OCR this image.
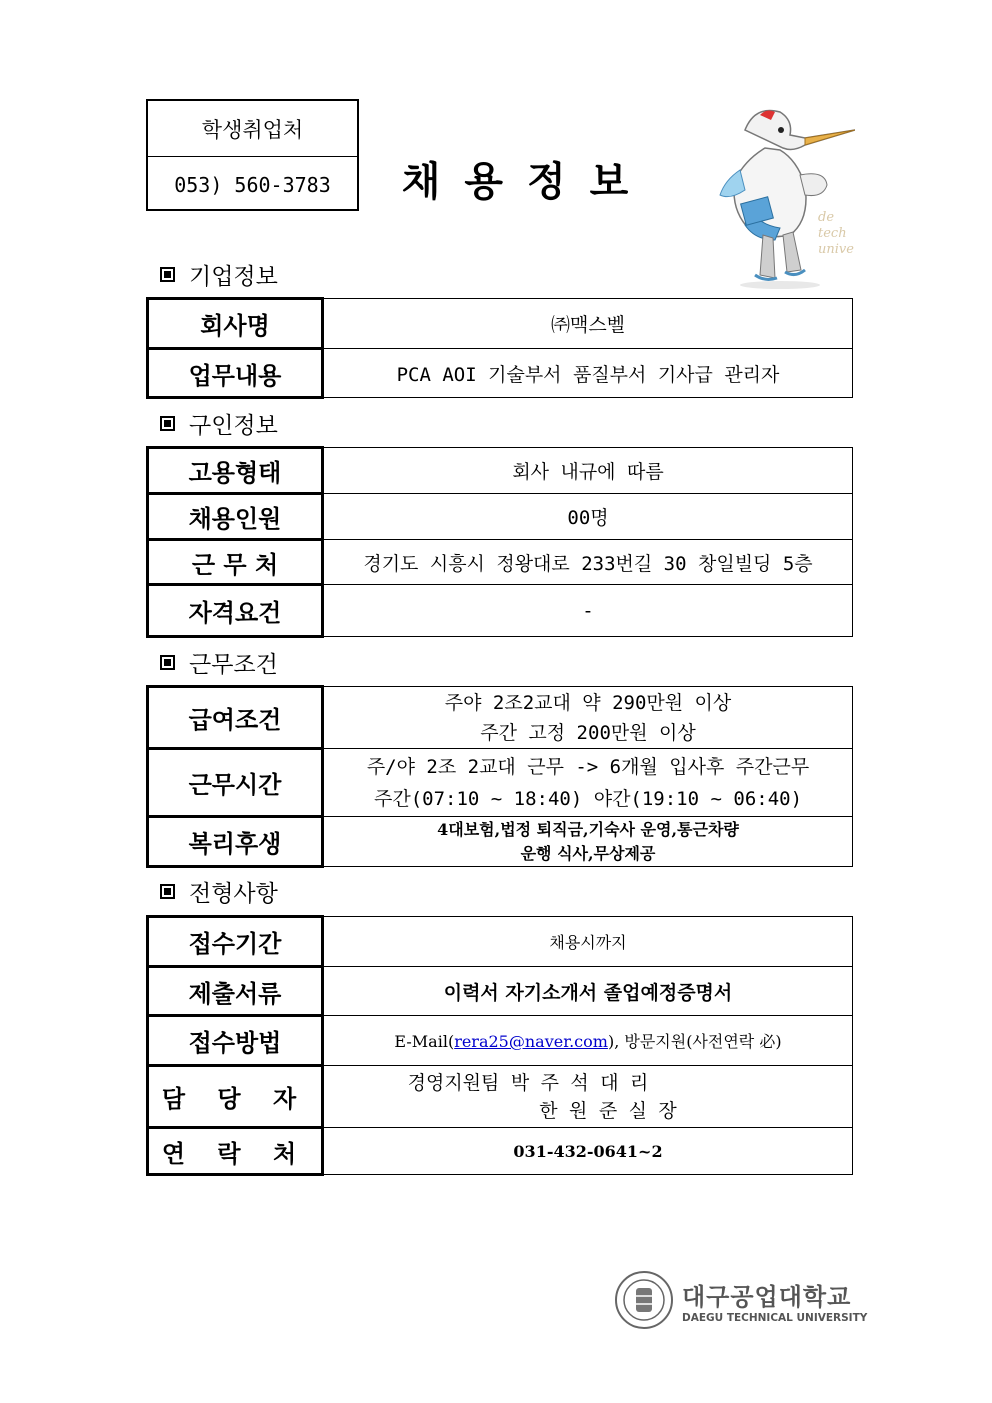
학생취업처
053) 560-3783	채용정보
de
tech
unive
기업정보
회사명	㈜맥스벨
업무내용	PCA AOI 기술부서 품질부서 기사급 관리자
구인정보
고용형태	회사 내규에 따름
채용인원	00명
근 무 처	경기도 시흥시 정왕대로 233번길 30 창일빌딩 5층
자격요건	-
근무조건
급여조건	주야 2조2교대 약 290만원 이상
주간 고정 200만원 이상

근무시간	주/야 2조 2교대 근무 -> 6개월 입사후 주간근무
주간(07:10 ~ 18:40) 야간(19:10 ~ 06:40)

복리후생	4대보험,법정 퇴직금,기숙사 운영,통근차량
운행 식사,무상제공
전형사항
접수기간	채용시까지
제출서류	이력서 자기소개서 졸업예정증명서
접수방법	E-Mail(rera25@naver.com), 방문지원(사전연락 必)
담 당 자	경영지원팀 박 주 석 대 리
한 원 준 실 장

연 락 처	031-432-0641~2
대구공업대학교
DAEGU TECHNICAL UNIVERSITY
